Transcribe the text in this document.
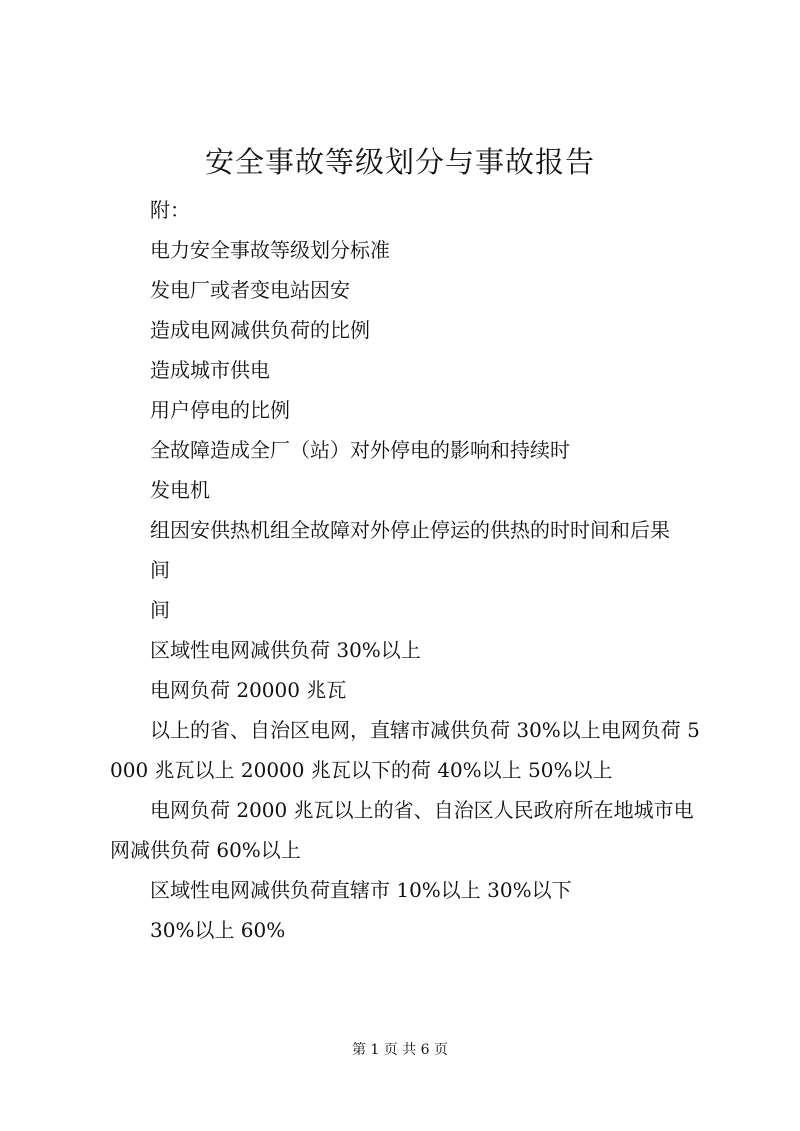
安全事故等级划分与事故报告

附：

电力安全事故等级划分标准

发电厂或者变电站因安

造成电网减供负荷的比例

造成城市供电

用户停电的比例

全故障造成全厂（站）对外停电的影响和持续时

发电机

组因安供热机组全故障对外停止停运的供热的时时间和后果

间

间

区域性电网减供负荷 30%以上

电网负荷 20000 兆瓦

以上的省、自治区电网，直辖市减供负荷 30%以上电网负荷 5000 兆瓦以上 20000 兆瓦以下的荷 40%以上 50%以上

电网负荷 2000 兆瓦以上的省、自治区人民政府所在地城市电网减供负荷 60%以上

区域性电网减供负荷直辖市 10%以上 30%以下

30%以上 60%

第 1 页 共 6 页
